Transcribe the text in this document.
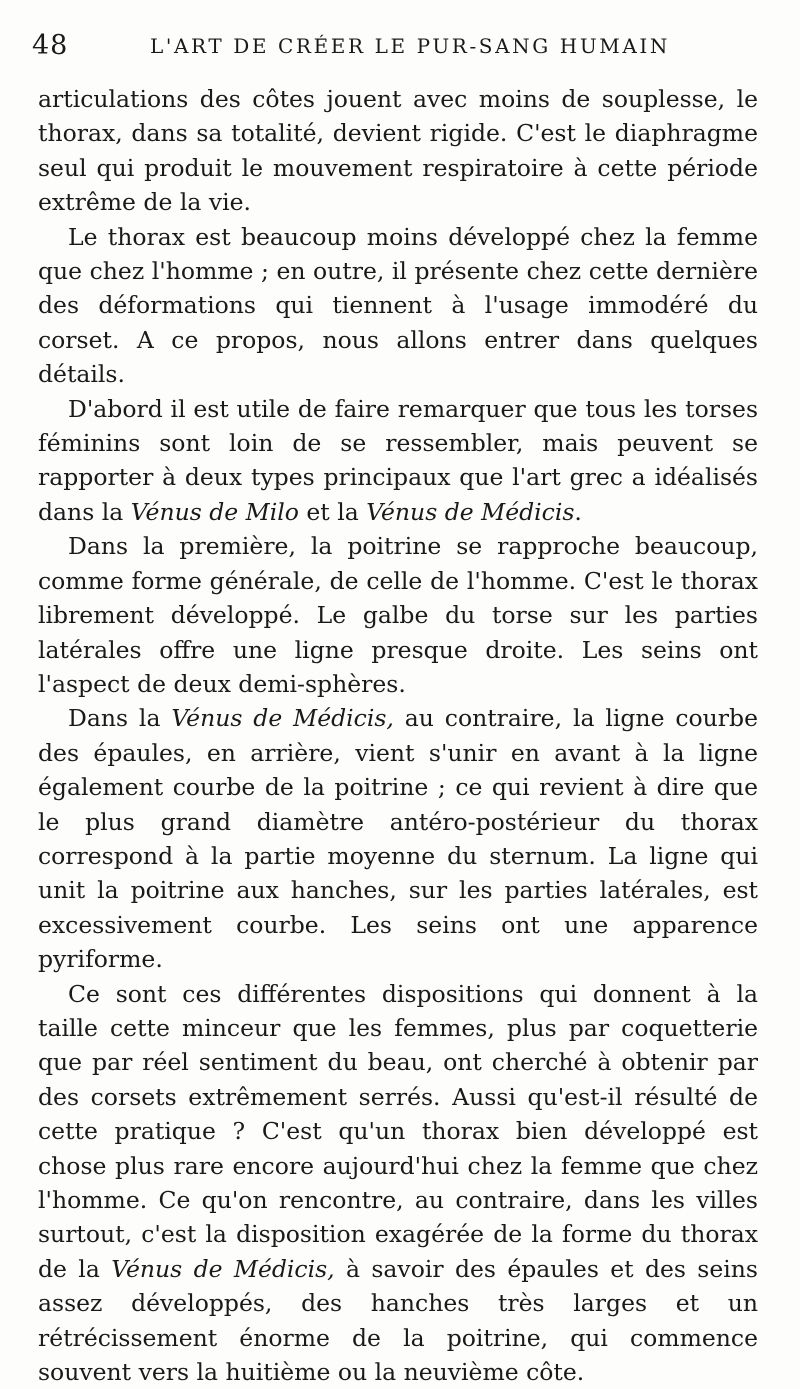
48	L'ART DE CRÉER LE PUR-SANG HUMAIN

articulations des côtes jouent avec moins de souplesse, le thorax, dans sa totalité, devient rigide. C'est le diaphragme seul qui produit le mouvement respiratoire à cette période extrême de la vie.

Le thorax est beaucoup moins développé chez la femme que chez l'homme ; en outre, il présente chez cette dernière des déformations qui tiennent à l'usage immodéré du corset. A ce propos, nous allons entrer dans quelques détails.

D'abord il est utile de faire remarquer que tous les torses féminins sont loin de se ressembler, mais peuvent se rapporter à deux types principaux que l'art grec a idéalisés dans la Vénus de Milo et la Vénus de Médicis.

Dans la première, la poitrine se rapproche beaucoup, comme forme générale, de celle de l'homme. C'est le thorax librement développé. Le galbe du torse sur les parties latérales offre une ligne presque droite. Les seins ont l'aspect de deux demi-sphères.

Dans la Vénus de Médicis, au contraire, la ligne courbe des épaules, en arrière, vient s'unir en avant à la ligne également courbe de la poitrine ; ce qui revient à dire que le plus grand diamètre antéro-postérieur du thorax correspond à la partie moyenne du sternum. La ligne qui unit la poitrine aux hanches, sur les parties latérales, est excessivement courbe. Les seins ont une apparence pyriforme.

Ce sont ces différentes dispositions qui donnent à la taille cette minceur que les femmes, plus par coquetterie que par réel sentiment du beau, ont cherché à obtenir par des corsets extrêmement serrés. Aussi qu'est-il résulté de cette pratique ? C'est qu'un thorax bien développé est chose plus rare encore aujourd'hui chez la femme que chez l'homme. Ce qu'on rencontre, au contraire, dans les villes surtout, c'est la disposition exagérée de la forme du thorax de la Vénus de Médicis, à savoir des épaules et des seins assez développés, des hanches très larges et un rétrécissement énorme de la poitrine, qui commence souvent vers la huitième ou la neuvième côte.
